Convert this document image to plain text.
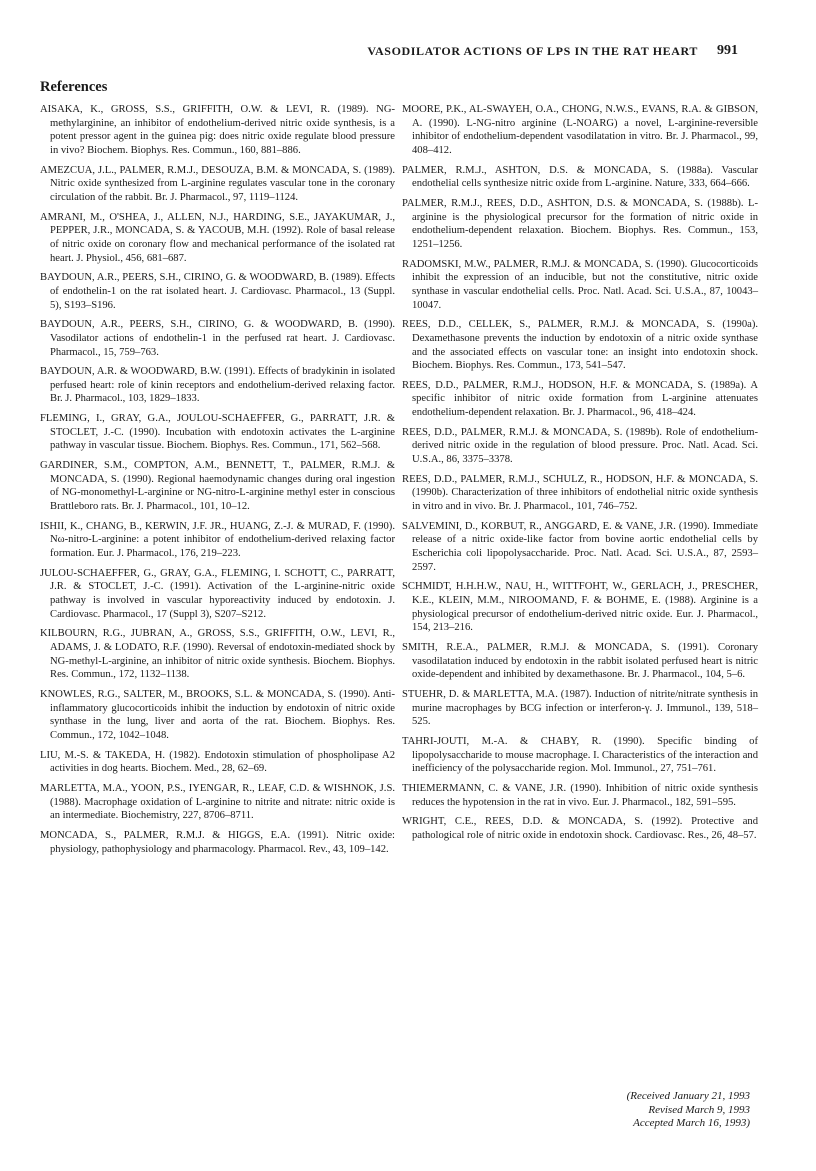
VASODILATOR ACTIONS OF LPS IN THE RAT HEART 991
References

AISAKA, K., GROSS, S.S., GRIFFITH, O.W. & LEVI, R. (1989). NG-methylarginine, an inhibitor of endothelium-derived nitric oxide synthesis, is a potent pressor agent in the guinea pig: does nitric oxide regulate blood pressure in vivo? Biochem. Biophys. Res. Commun., 160, 881–886.

AMEZCUA, J.L., PALMER, R.M.J., DESOUZA, B.M. & MONCADA, S. (1989). Nitric oxide synthesized from L-arginine regulates vascular tone in the coronary circulation of the rabbit. Br. J. Pharmacol., 97, 1119–1124.

AMRANI, M., O'SHEA, J., ALLEN, N.J., HARDING, S.E., JAYAKUMAR, J., PEPPER, J.R., MONCADA, S. & YACOUB, M.H. (1992). Role of basal release of nitric oxide on coronary flow and mechanical performance of the isolated rat heart. J. Physiol., 456, 681–687.

BAYDOUN, A.R., PEERS, S.H., CIRINO, G. & WOODWARD, B. (1989). Effects of endothelin-1 on the rat isolated heart. J. Cardiovasc. Pharmacol., 13 (Suppl. 5), S193–S196.

BAYDOUN, A.R., PEERS, S.H., CIRINO, G. & WOODWARD, B. (1990). Vasodilator actions of endothelin-1 in the perfused rat heart. J. Cardiovasc. Pharmacol., 15, 759–763.

BAYDOUN, A.R. & WOODWARD, B.W. (1991). Effects of bradykinin in isolated perfused heart: role of kinin receptors and endothelium-derived relaxing factor. Br. J. Pharmacol., 103, 1829–1833.

FLEMING, I., GRAY, G.A., JOULOU-SCHAEFFER, G., PARRATT, J.R. & STOCLET, J.-C. (1990). Incubation with endotoxin activates the L-arginine pathway in vascular tissue. Biochem. Biophys. Res. Commun., 171, 562–568.

GARDINER, S.M., COMPTON, A.M., BENNETT, T., PALMER, R.M.J. & MONCADA, S. (1990). Regional haemodynamic changes during oral ingestion of NG-monomethyl-L-arginine or NG-nitro-L-arginine methyl ester in conscious Brattleboro rats. Br. J. Pharmacol., 101, 10–12.

ISHII, K., CHANG, B., KERWIN, J.F. JR., HUANG, Z.-J. & MURAD, F. (1990). Nω-nitro-L-arginine: a potent inhibitor of endothelium-derived relaxing factor formation. Eur. J. Pharmacol., 176, 219–223.

JULOU-SCHAEFFER, G., GRAY, G.A., FLEMING, I. SCHOTT, C., PARRATT, J.R. & STOCLET, J.-C. (1991). Activation of the L-arginine-nitric oxide pathway is involved in vascular hyporeactivity induced by endotoxin. J. Cardiovasc. Pharmacol., 17 (Suppl 3), S207–S212.

KILBOURN, R.G., JUBRAN, A., GROSS, S.S., GRIFFITH, O.W., LEVI, R., ADAMS, J. & LODATO, R.F. (1990). Reversal of endotoxin-mediated shock by NG-methyl-L-arginine, an inhibitor of nitric oxide synthesis. Biochem. Biophys. Res. Commun., 172, 1132–1138.

KNOWLES, R.G., SALTER, M., BROOKS, S.L. & MONCADA, S. (1990). Anti-inflammatory glucocorticoids inhibit the induction by endotoxin of nitric oxide synthase in the lung, liver and aorta of the rat. Biochem. Biophys. Res. Commun., 172, 1042–1048.

LIU, M.-S. & TAKEDA, H. (1982). Endotoxin stimulation of phospholipase A2 activities in dog hearts. Biochem. Med., 28, 62–69.

MARLETTA, M.A., YOON, P.S., IYENGAR, R., LEAF, C.D. & WISHNOK, J.S. (1988). Macrophage oxidation of L-arginine to nitrite and nitrate: nitric oxide is an intermediate. Biochemistry, 227, 8706–8711.

MONCADA, S., PALMER, R.M.J. & HIGGS, E.A. (1991). Nitric oxide: physiology, pathophysiology and pharmacology. Pharmacol. Rev., 43, 109–142.

MOORE, P.K., AL-SWAYEH, O.A., CHONG, N.W.S., EVANS, R.A. & GIBSON, A. (1990). L-NG-nitro arginine (L-NOARG) a novel, L-arginine-reversible inhibitor of endothelium-dependent vasodilatation in vitro. Br. J. Pharmacol., 99, 408–412.

PALMER, R.M.J., ASHTON, D.S. & MONCADA, S. (1988a). Vascular endothelial cells synthesize nitric oxide from L-arginine. Nature, 333, 664–666.

PALMER, R.M.J., REES, D.D., ASHTON, D.S. & MONCADA, S. (1988b). L-arginine is the physiological precursor for the formation of nitric oxide in endothelium-dependent relaxation. Biochem. Biophys. Res. Commun., 153, 1251–1256.

RADOMSKI, M.W., PALMER, R.M.J. & MONCADA, S. (1990). Glucocorticoids inhibit the expression of an inducible, but not the constitutive, nitric oxide synthase in vascular endothelial cells. Proc. Natl. Acad. Sci. U.S.A., 87, 10043–10047.

REES, D.D., CELLEK, S., PALMER, R.M.J. & MONCADA, S. (1990a). Dexamethasone prevents the induction by endotoxin of a nitric oxide synthase and the associated effects on vascular tone: an insight into endotoxin shock. Biochem. Biophys. Res. Commun., 173, 541–547.

REES, D.D., PALMER, R.M.J., HODSON, H.F. & MONCADA, S. (1989a). A specific inhibitor of nitric oxide formation from L-arginine attenuates endothelium-dependent relaxation. Br. J. Pharmacol., 96, 418–424.

REES, D.D., PALMER, R.M.J. & MONCADA, S. (1989b). Role of endothelium-derived nitric oxide in the regulation of blood pressure. Proc. Natl. Acad. Sci. U.S.A., 86, 3375–3378.

REES, D.D., PALMER, R.M.J., SCHULZ, R., HODSON, H.F. & MONCADA, S. (1990b). Characterization of three inhibitors of endothelial nitric oxide synthesis in vitro and in vivo. Br. J. Pharmacol., 101, 746–752.

SALVEMINI, D., KORBUT, R., ANGGARD, E. & VANE, J.R. (1990). Immediate release of a nitric oxide-like factor from bovine aortic endothelial cells by Escherichia coli lipopolysaccharide. Proc. Natl. Acad. Sci. U.S.A., 87, 2593–2597.

SCHMIDT, H.H.H.W., NAU, H., WITTFOHT, W., GERLACH, J., PRESCHER, K.E., KLEIN, M.M., NIROOMAND, F. & BOHME, E. (1988). Arginine is a physiological precursor of endothelium-derived nitric oxide. Eur. J. Pharmacol., 154, 213–216.

SMITH, R.E.A., PALMER, R.M.J. & MONCADA, S. (1991). Coronary vasodilatation induced by endotoxin in the rabbit isolated perfused heart is nitric oxide-dependent and inhibited by dexamethasone. Br. J. Pharmacol., 104, 5–6.

STUEHR, D. & MARLETTA, M.A. (1987). Induction of nitrite/nitrate synthesis in murine macrophages by BCG infection or interferon-γ. J. Immunol., 139, 518–525.

TAHRI-JOUTI, M.-A. & CHABY, R. (1990). Specific binding of lipopolysaccharide to mouse macrophage. I. Characteristics of the interaction and inefficiency of the polysaccharide region. Mol. Immunol., 27, 751–761.

THIEMERMANN, C. & VANE, J.R. (1990). Inhibition of nitric oxide synthesis reduces the hypotension in the rat in vivo. Eur. J. Pharmacol., 182, 591–595.

WRIGHT, C.E., REES, D.D. & MONCADA, S. (1992). Protective and pathological role of nitric oxide in endotoxin shock. Cardiovasc. Res., 26, 48–57.

(Received January 21, 1993
Revised March 9, 1993
Accepted March 16, 1993)
